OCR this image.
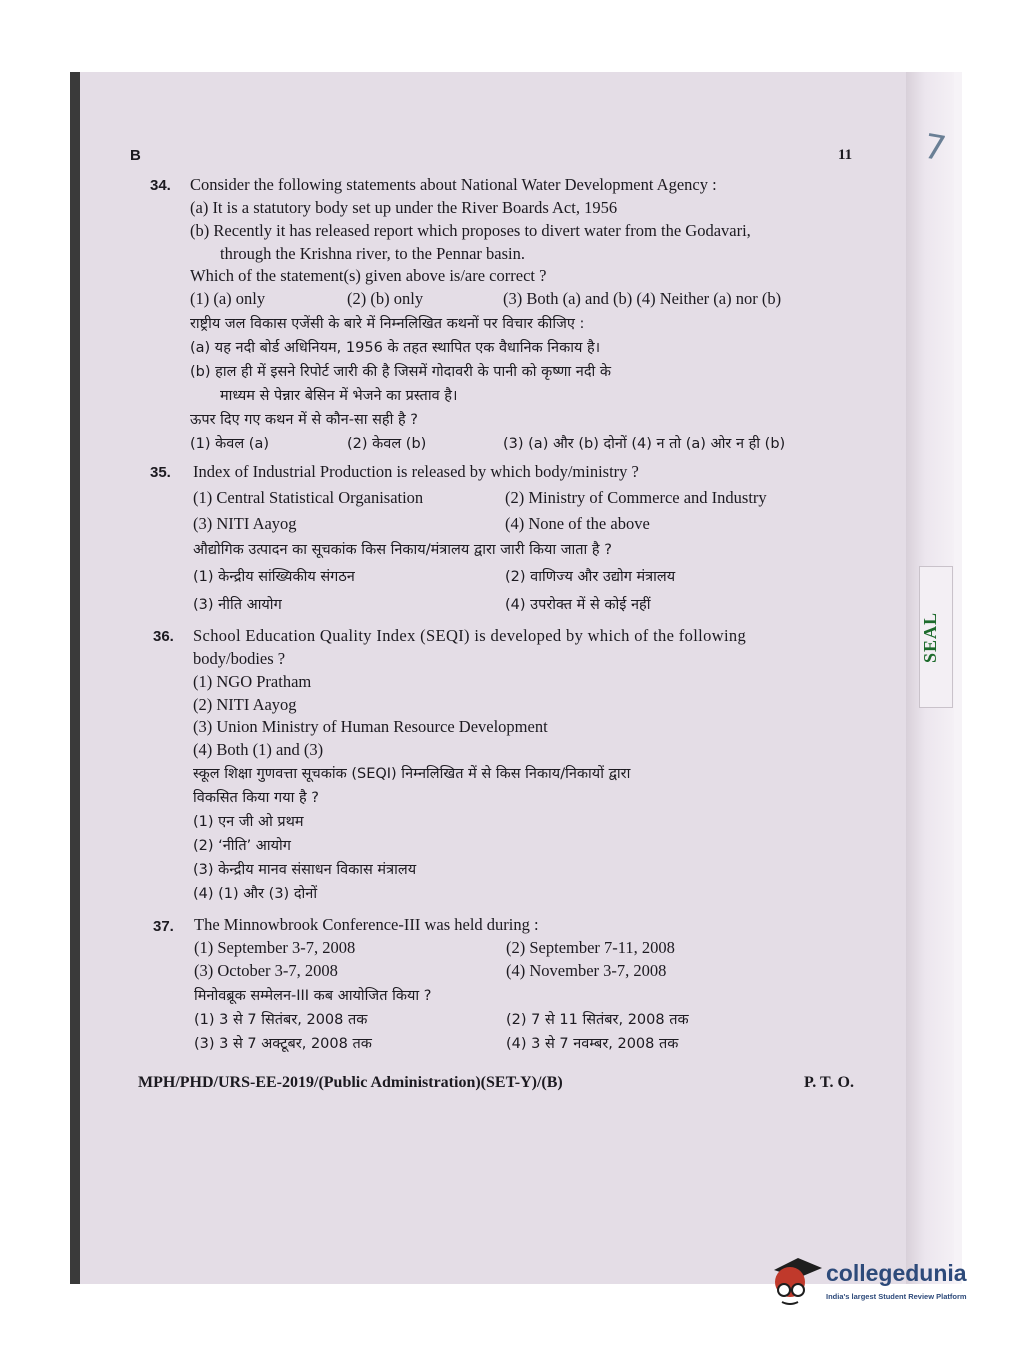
SEAL
7
B	11
34. Consider the following statements about National Water Development Agency :
(a) It is a statutory body set up under the River Boards Act, 1956
(b) Recently it has released report which proposes to divert water from the Godavari,
through the Krishna river, to the Pennar basin.
Which of the statement(s) given above is/are correct ?
(1) (a) only	(2) (b) only	(3) Both (a) and (b) (4) Neither (a) nor (b)
राष्ट्रीय जल विकास एजेंसी के बारे में निम्नलिखित कथनों पर विचार कीजिए :
(a) यह नदी बोर्ड अधिनियम, 1956 के तहत स्थापित एक वैधानिक निकाय है।
(b) हाल ही में इसने रिपोर्ट जारी की है जिसमें गोदावरी के पानी को कृष्णा नदी के
माध्यम से पेन्नार बेसिन में भेजने का प्रस्ताव है।
ऊपर दिए गए कथन में से कौन-सा सही है ?
(1) केवल (a)	(2) केवल (b)	(3) (a) और (b) दोनों (4) न तो (a) ओर न ही (b)
35. Index of Industrial Production is released by which body/ministry ?
(1) Central Statistical Organisation	(2) Ministry of Commerce and Industry
(3) NITI Aayog	(4) None of the above
औद्योगिक उत्पादन का सूचकांक किस निकाय/मंत्रालय द्वारा जारी किया जाता है ?
(1) केन्द्रीय सांख्यिकीय संगठन	(2) वाणिज्य और उद्योग मंत्रालय
(3) नीति आयोग	(4) उपरोक्त में से कोई नहीं
36. School Education Quality Index (SEQI) is developed by which of the following
body/bodies ?
(1) NGO Pratham
(2) NITI Aayog
(3) Union Ministry of Human Resource Development
(4) Both (1) and (3)
स्कूल शिक्षा गुणवत्ता सूचकांक (SEQI) निम्नलिखित में से किस निकाय/निकायों द्वारा
विकसित किया गया है ?
(1) एन जी ओ प्रथम
(2) ‘नीति’ आयोग
(3) केन्द्रीय मानव संसाधन विकास मंत्रालय
(4) (1) और (3) दोनों
37. The Minnowbrook Conference-III was held during :
(1) September 3-7, 2008	(2) September 7-11, 2008
(3) October 3-7, 2008	(4) November 3-7, 2008
मिनोवब्रूक सम्मेलन-III कब आयोजित किया ?
(1) 3 से 7 सितंबर, 2008 तक	(2) 7 से 11 सितंबर, 2008 तक
(3) 3 से 7 अक्टूबर, 2008 तक	(4) 3 से 7 नवम्बर, 2008 तक
MPH/PHD/URS-EE-2019/(Public Administration)(SET-Y)/(B)	P. T. O.
collegedunia
India's largest Student Review Platform
